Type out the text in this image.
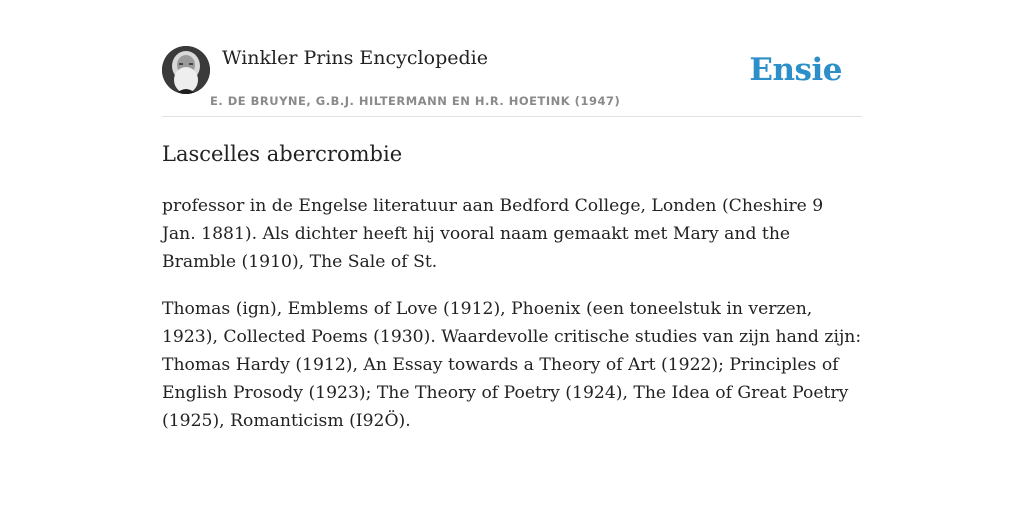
Winkler Prins Encyclopedie
E. DE BRUYNE, G.B.J. HILTERMANN EN H.R. HOETINK (1947)
Ensie
Lascelles abercrombie

professor in de Engelse literatuur aan Bedford College, Londen (Cheshire 9 Jan. 1881). Als dichter heeft hij vooral naam gemaakt met Mary and the Bramble (1910), The Sale of St.

Thomas (ign), Emblems of Love (1912), Phoenix (een toneelstuk in verzen, 1923), Collected Poems (1930). Waardevolle critische studies van zijn hand zijn: Thomas Hardy (1912), An Essay towards a Theory of Art (1922); Principles of English Prosody (1923); The Theory of Poetry (1924), The Idea of Great Poetry (1925), Romanticism (I92Ö).
